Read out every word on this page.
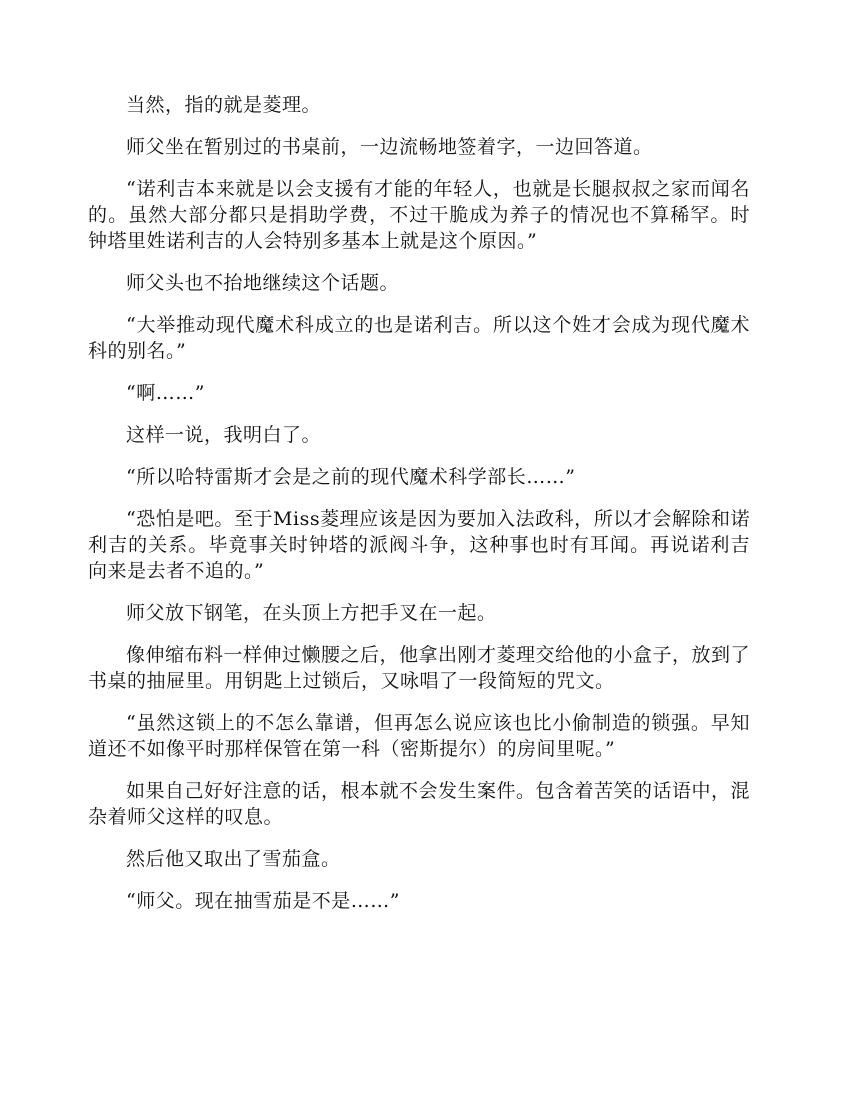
当然，指的就是菱理。

师父坐在暂别过的书桌前，一边流畅地签着字，一边回答道。

“诺利吉本来就是以会支援有才能的年轻人，也就是长腿叔叔之家而闻名的。虽然大部分都只是捐助学费，不过干脆成为养子的情况也不算稀罕。时钟塔里姓诺利吉的人会特别多基本上就是这个原因。”

师父头也不抬地继续这个话题。

“大举推动现代魔术科成立的也是诺利吉。所以这个姓才会成为现代魔术科的别名。”

“啊……”

这样一说，我明白了。

“所以哈特雷斯才会是之前的现代魔术科学部长……”

“恐怕是吧。至于Miss菱理应该是因为要加入法政科，所以才会解除和诺利吉的关系。毕竟事关时钟塔的派阀斗争，这种事也时有耳闻。再说诺利吉向来是去者不追的。”

师父放下钢笔，在头顶上方把手叉在一起。

像伸缩布料一样伸过懒腰之后，他拿出刚才菱理交给他的小盒子，放到了书桌的抽屉里。用钥匙上过锁后，又咏唱了一段简短的咒文。

“虽然这锁上的不怎么靠谱，但再怎么说应该也比小偷制造的锁强。早知道还不如像平时那样保管在第一科（密斯提尔）的房间里呢。”

如果自己好好注意的话，根本就不会发生案件。包含着苦笑的话语中，混杂着师父这样的叹息。

然后他又取出了雪茄盒。

“师父。现在抽雪茄是不是……”
